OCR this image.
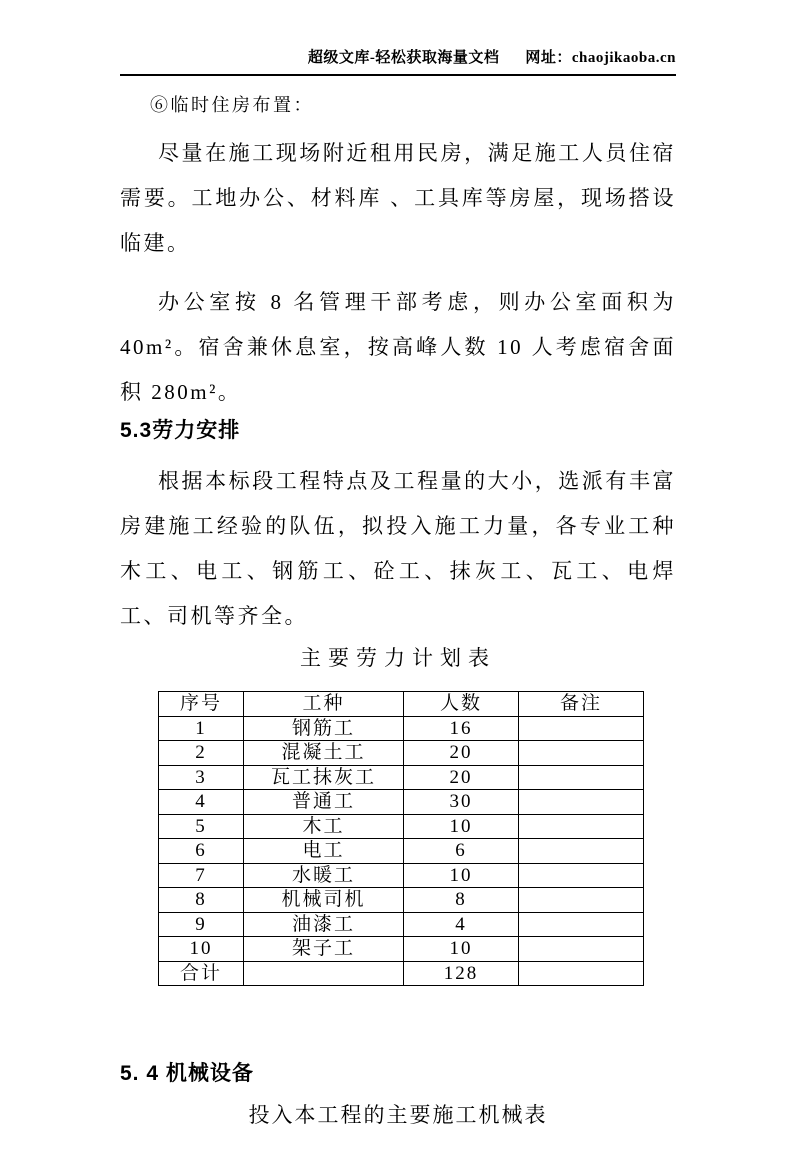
超级文库-轻松获取海量文档 网址：chaojikaoba.cn

⑥临时住房布置：

尽量在施工现场附近租用民房，满足施工人员住宿需要。工地办公、材料库 、工具库等房屋，现场搭设临建。

办公室按 8 名管理干部考虑，则办公室面积为 40m²。宿舍兼休息室，按高峰人数 10 人考虑宿舍面积 280m²。

5.3劳力安排

根据本标段工程特点及工程量的大小，选派有丰富房建施工经验的队伍，拟投入施工力量，各专业工种木工、电工、钢筋工、砼工、抹灰工、瓦工、电焊工、司机等齐全。

主要劳力计划表

序号	工种	人数	备注
1	钢筋工	16	
2	混凝土工	20	
3	瓦工抹灰工	20	
4	普通工	30	
5	木工	10	
6	电工	6	
7	水暖工	10	
8	机械司机	8	
9	油漆工	4	
10	架子工	10	
合计		128	
5. 4 机械设备

投入本工程的主要施工机械表
